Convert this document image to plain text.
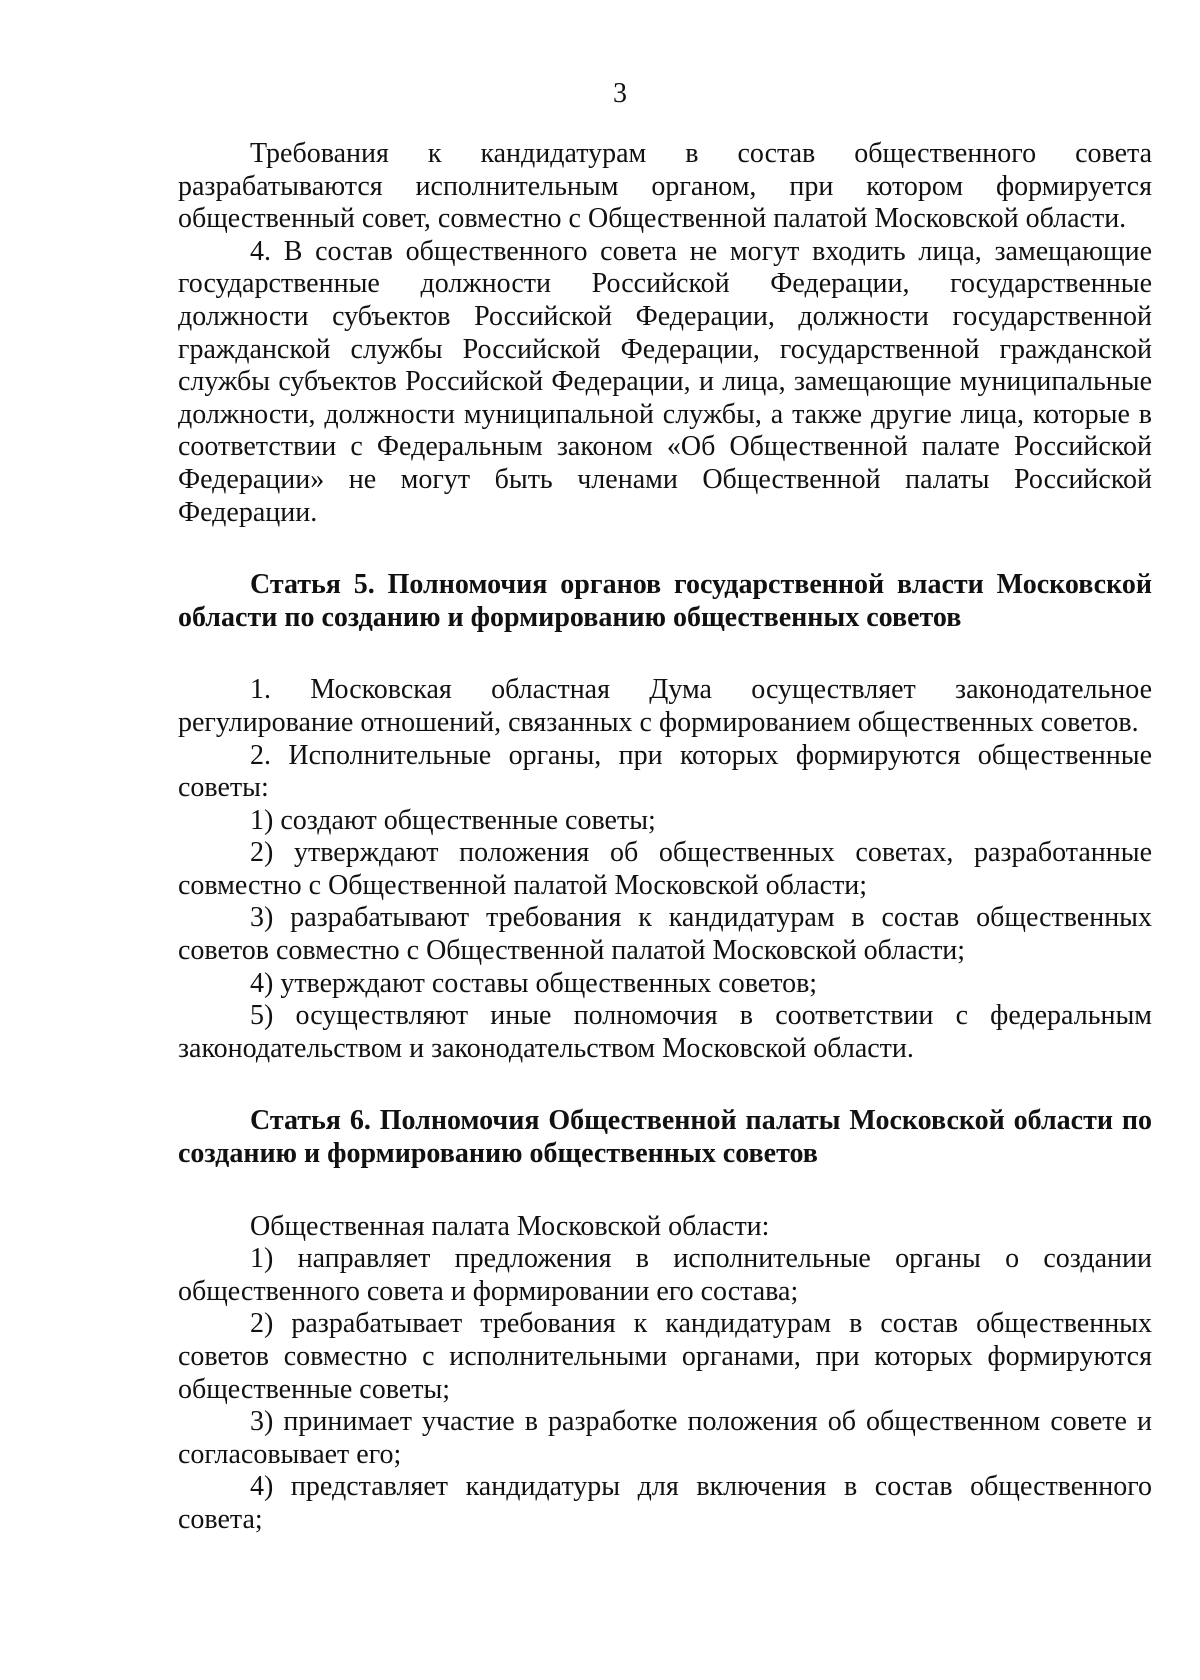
3

Требования к кандидатурам в состав общественного совета разрабатываются исполнительным органом, при котором формируется общественный совет, совместно с Общественной палатой Московской области.

4. В состав общественного совета не могут входить лица, замещающие государственные должности Российской Федерации, государственные должности субъектов Российской Федерации, должности государственной гражданской службы Российской Федерации, государственной гражданской службы субъектов Российской Федерации, и лица, замещающие муниципальные должности, должности муниципальной службы, а также другие лица, которые в соответствии с Федеральным законом «Об Общественной палате Российской Федерации» не могут быть членами Общественной палаты Российской Федерации.

Статья 5. Полномочия органов государственной власти Московской области по созданию и формированию общественных советов

1. Московская областная Дума осуществляет законодательное регулирование отношений, связанных с формированием общественных советов.

2. Исполнительные органы, при которых формируются общественные советы:

1) создают общественные советы;

2) утверждают положения об общественных советах, разработанные совместно с Общественной палатой Московской области;

3) разрабатывают требования к кандидатурам в состав общественных советов совместно с Общественной палатой Московской области;

4) утверждают составы общественных советов;

5) осуществляют иные полномочия в соответствии с федеральным законодательством и законодательством Московской области.

Статья 6. Полномочия Общественной палаты Московской области по созданию и формированию общественных советов

Общественная палата Московской области:

1) направляет предложения в исполнительные органы о создании общественного совета и формировании его состава;

2) разрабатывает требования к кандидатурам в состав общественных советов совместно с исполнительными органами, при которых формируются общественные советы;

3) принимает участие в разработке положения об общественном совете и согласовывает его;

4) представляет кандидатуры для включения в состав общественного совета;
